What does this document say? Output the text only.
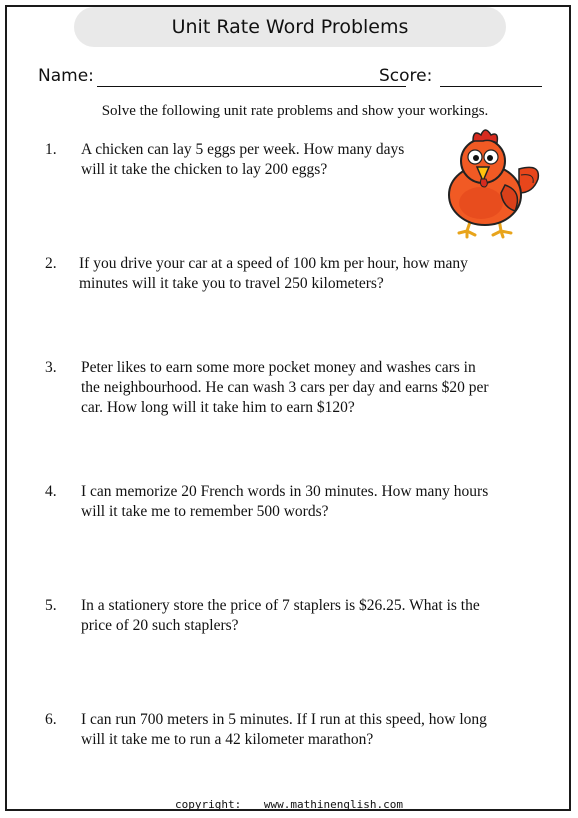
Unit Rate Word Problems
Name:	Score:
Solve the following unit rate problems and show your workings.
1. A chicken can lay 5 eggs per week. How many days
will it take the chicken to lay 200 eggs?
2. If you drive your car at a speed of 100 km per hour, how many
minutes will it take you to travel 250 kilometers?
3. Peter likes to earn some more pocket money and washes cars in
the neighbourhood. He can wash 3 cars per day and earns $20 per
car. How long will it take him to earn $120?
4. I can memorize 20 French words in 30 minutes. How many hours
will it take me to remember 500 words?
5. In a stationery store the price of 7 staplers is $26.25. What is the
price of 20 such staplers?
6. I can run 700 meters in 5 minutes. If I run at this speed, how long
will it take me to run a 42 kilometer marathon?
copyright: www.mathinenglish.com
